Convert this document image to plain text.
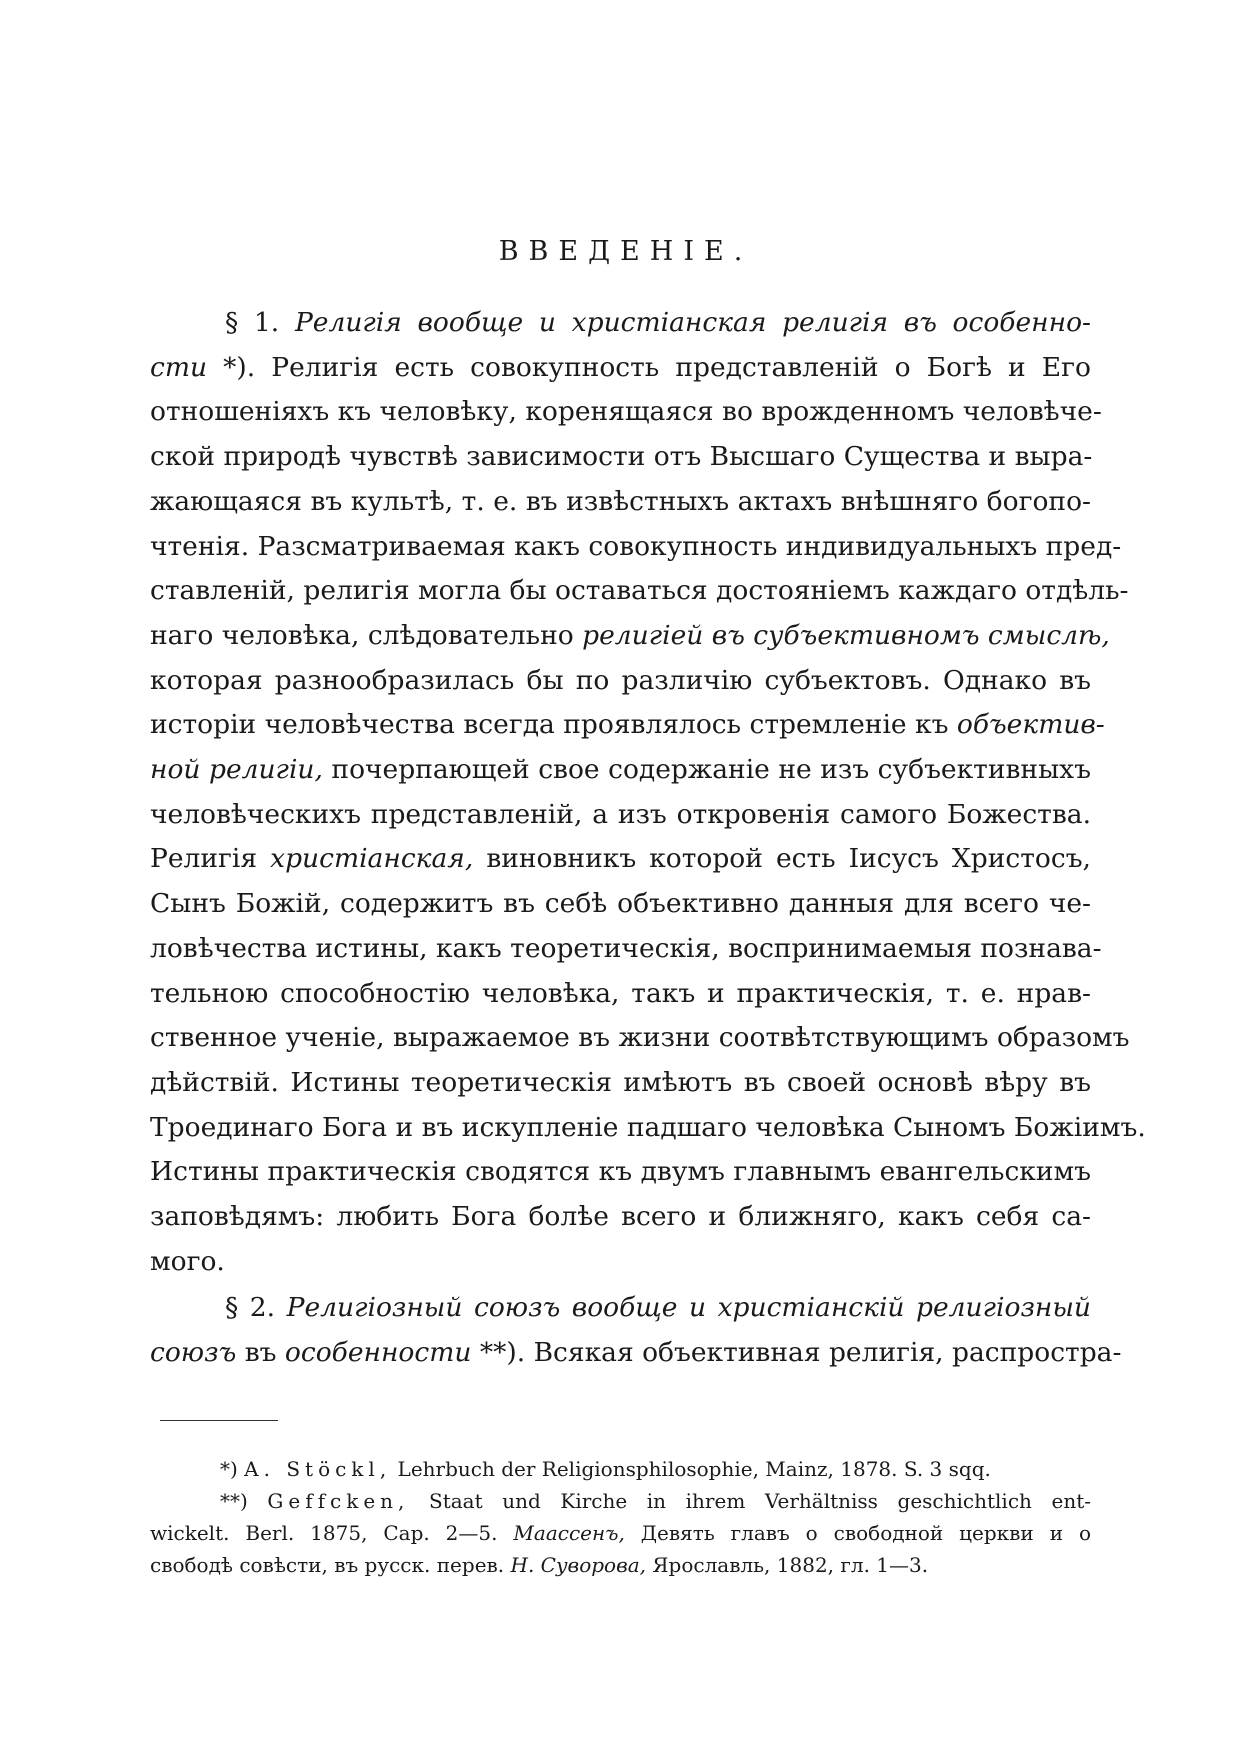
ВВЕДЕНІЕ.
§ 1. Религія вообще и христіанская религія въ особенно-
сти *). Религія есть совокупность представленій о Богѣ и Его
отношеніяхъ къ человѣку, коренящаяся во врожденномъ человѣче-
ской природѣ чувствѣ зависимости отъ Высшаго Существа и выра-
жающаяся въ культѣ, т. е. въ извѣстныхъ актахъ внѣшняго богопо-
чтенія. Разсматриваемая какъ совокупность индивидуальныхъ пред-
ставленій, религія могла бы оставаться достояніемъ каждаго отдѣль-
наго человѣка, слѣдовательно религіей въ субъективномъ смыслѣ,
которая разнообразилась бы по различію субъектовъ. Однако въ
исторіи человѣчества всегда проявлялось стремленіе къ объектив-
ной религіи, почерпающей свое содержаніе не изъ субъективныхъ
человѣческихъ представленій, а изъ откровенія самого Божества.
Религія христіанская, виновникъ которой есть Іисусъ Христосъ,
Сынъ Божій, содержитъ въ себѣ объективно данныя для всего че-
ловѣчества истины, какъ теоретическія, воспринимаемыя познава-
тельною способностію человѣка, такъ и практическія, т. е. нрав-
ственное ученіе, выражаемое въ жизни соотвѣтствующимъ образомъ
дѣйствій. Истины теоретическія имѣютъ въ своей основѣ вѣру въ
Троединаго Бога и въ искупленіе падшаго человѣка Сыномъ Божіимъ.
Истины практическія сводятся къ двумъ главнымъ евангельскимъ
заповѣдямъ: любить Бога болѣе всего и ближняго, какъ себя са-
мого.
§ 2. Религіозный союзъ вообще и христіанскій религіозный
союзъ въ особенности **). Всякая объективная религія, распростра-
*) A. Stöckl, Lehrbuch der Religionsphilosophie, Mainz, 1878. S. 3 sqq.
**) Geffcken, Staat und Kirche in ihrem Verhältniss geschichtlich ent-
wickelt. Berl. 1875, Cap. 2—5. Маассенъ, Девять главъ о свободной церкви и о
свободѣ совѣсти, въ русск. перев. Н. Суворова, Ярославль, 1882, гл. 1—3.
